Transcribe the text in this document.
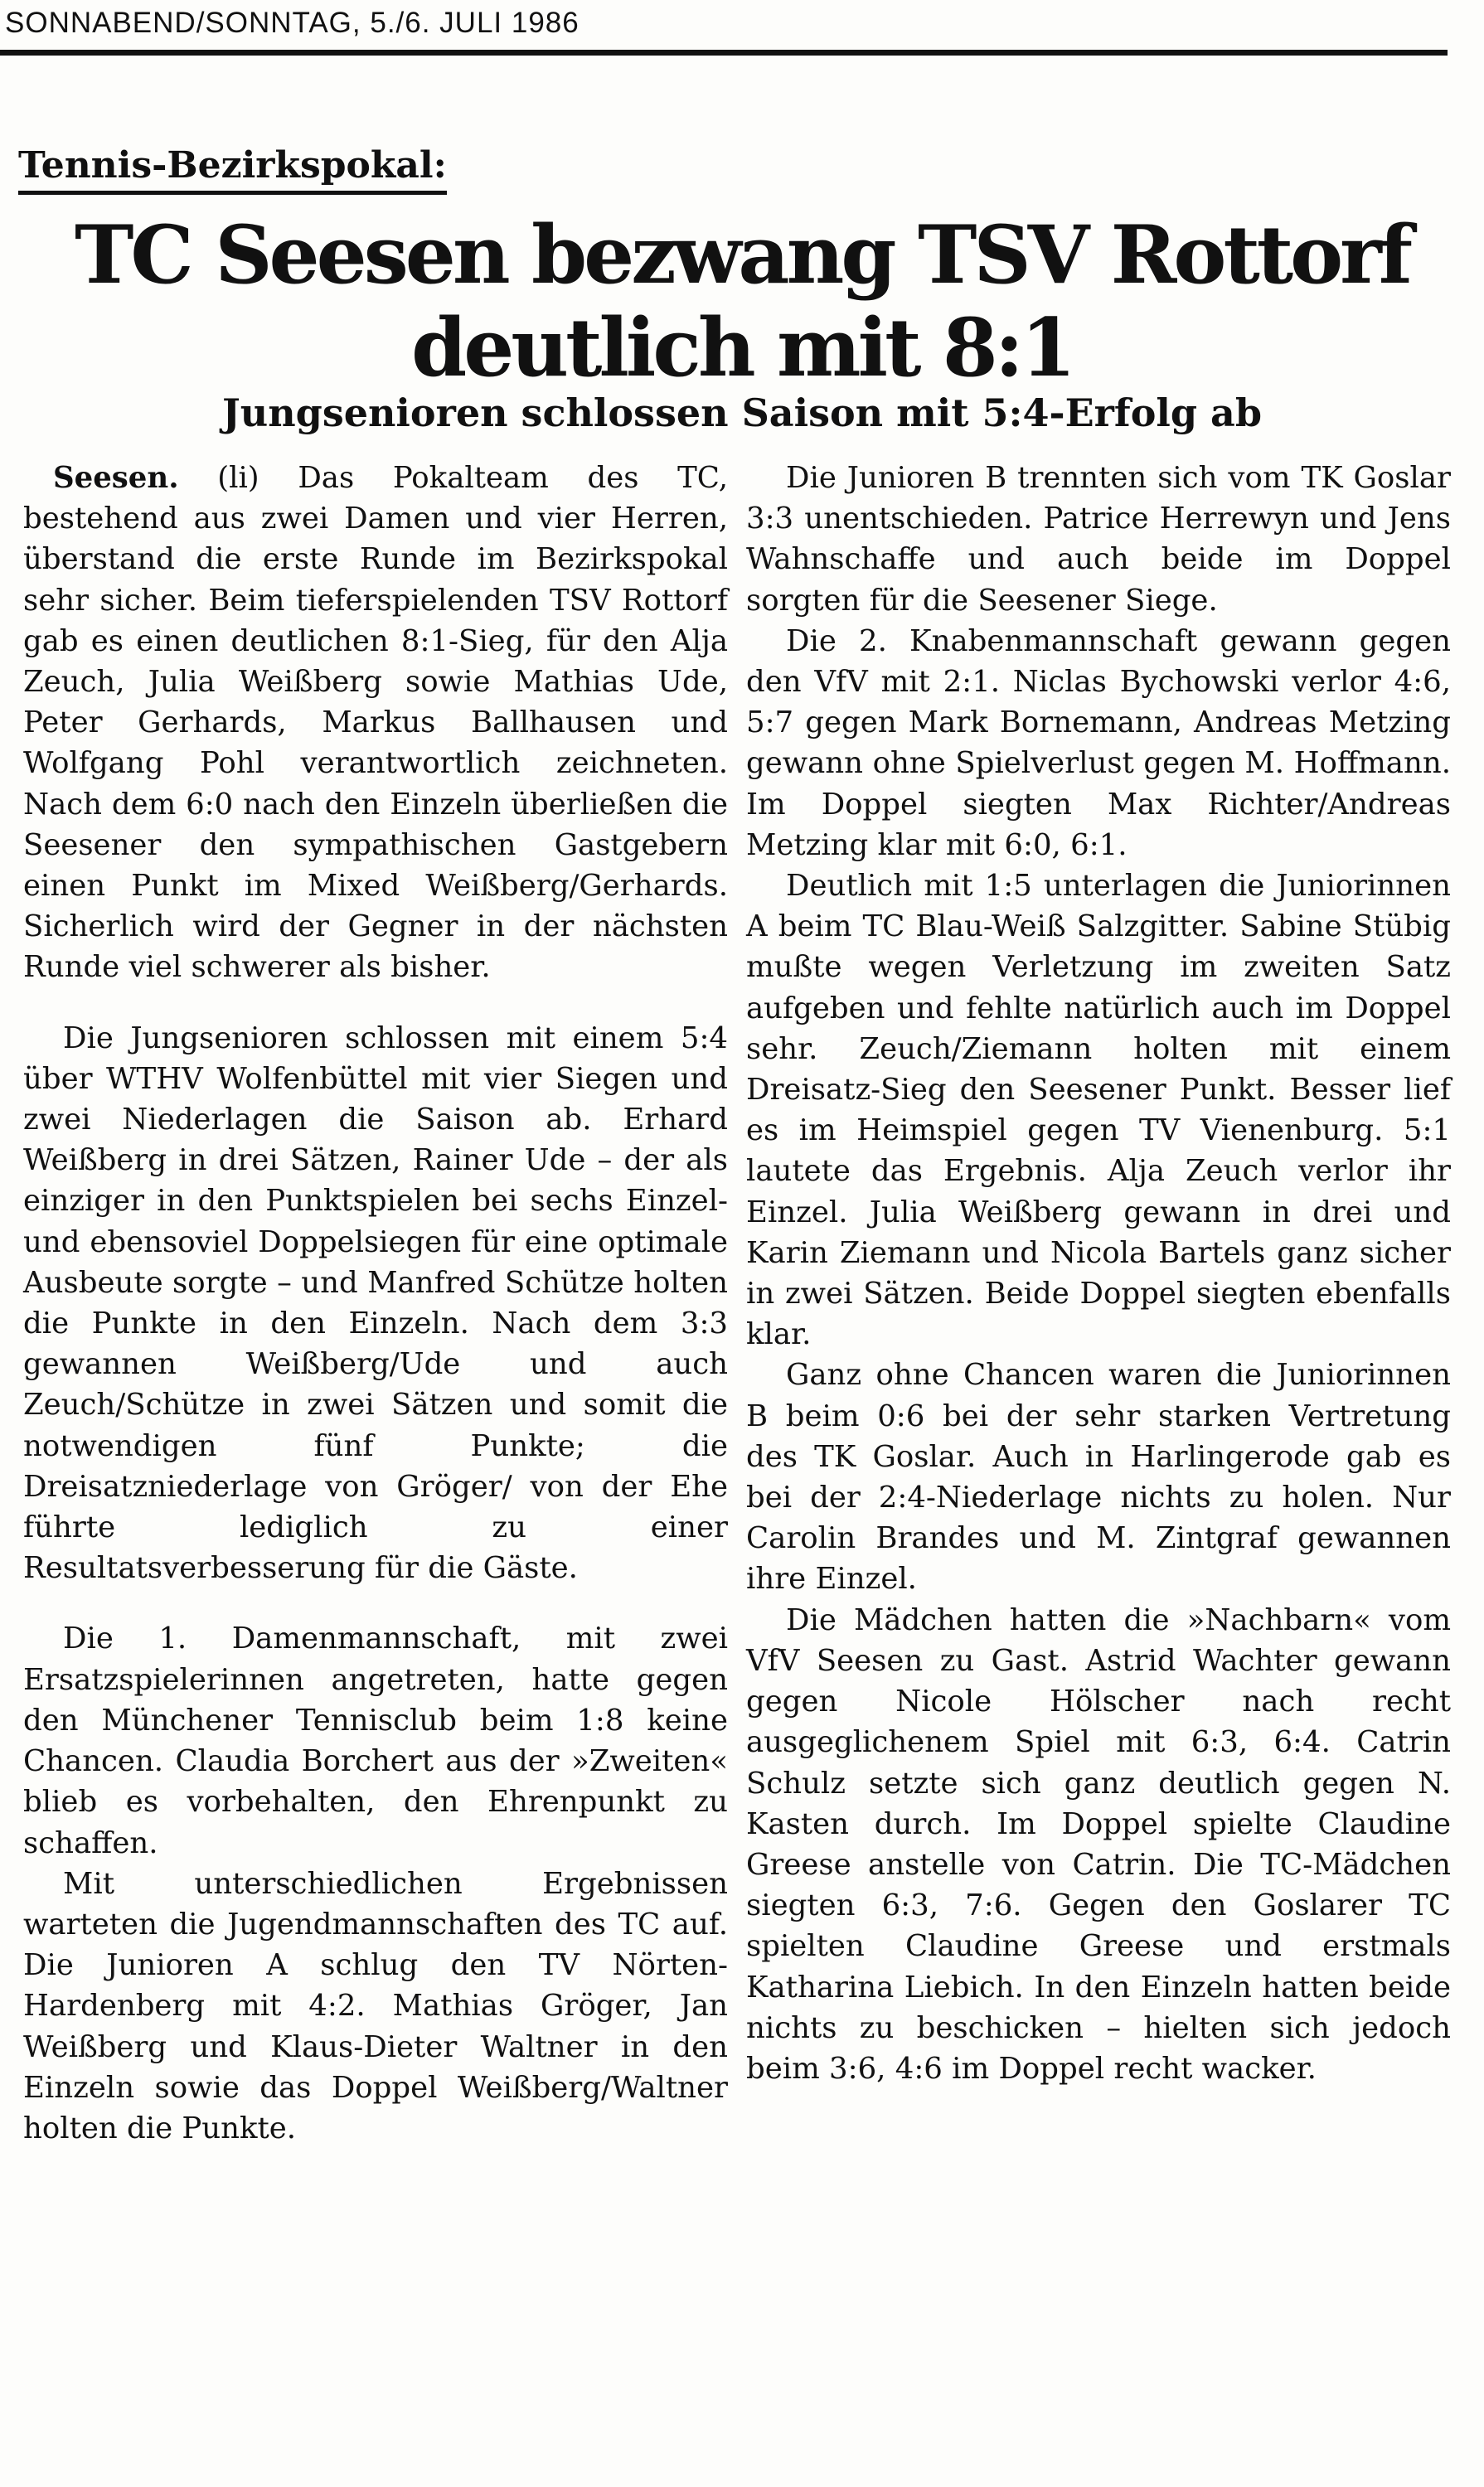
SONNABEND/SONNTAG, 5./6. JULI 1986
Tennis-Bezirkspokal:
TC Seesen bezwang TSV Rottorf
deutlich mit 8:1
Jungsenioren schlossen Saison mit 5:4-Erfolg ab

Seesen. (li) Das Pokalteam des TC, bestehend aus zwei Damen und vier Herren, überstand die erste Runde im Bezirkspokal sehr sicher. Beim tieferspielenden TSV Rottorf gab es einen deutlichen 8:1-Sieg, für den Alja Zeuch, Julia Weißberg sowie Mathias Ude, Peter Gerhards, Markus Ballhausen und Wolfgang Pohl verantwortlich zeichneten. Nach dem 6:0 nach den Einzeln überließen die Seesener den sympathischen Gastgebern einen Punkt im Mixed Weißberg/Gerhards. Sicherlich wird der Gegner in der nächsten Runde viel schwerer als bisher.

Die Jungsenioren schlossen mit einem 5:4 über WTHV Wolfenbüttel mit vier Siegen und zwei Niederlagen die Saison ab. Erhard Weißberg in drei Sätzen, Rainer Ude – der als einziger in den Punktspielen bei sechs Einzel- und ebensoviel Doppelsiegen für eine optimale Ausbeute sorgte – und Manfred Schütze holten die Punkte in den Einzeln. Nach dem 3:3 gewannen Weißberg/Ude und auch Zeuch/Schütze in zwei Sätzen und somit die notwendigen fünf Punkte; die Dreisatzniederlage von Gröger/ von der Ehe führte lediglich zu einer Resultatsverbesserung für die Gäste.

Die 1. Damenmannschaft, mit zwei Ersatzspielerinnen angetreten, hatte gegen den Münchener Tennisclub beim 1:8 keine Chancen. Claudia Borchert aus der »Zweiten« blieb es vorbehalten, den Ehrenpunkt zu schaffen.

Mit unterschiedlichen Ergebnissen warteten die Jugendmannschaften des TC auf. Die Junioren A schlug den TV Nörten-Hardenberg mit 4:2. Mathias Gröger, Jan Weißberg und Klaus-Dieter Waltner in den Einzeln sowie das Doppel Weißberg/Waltner holten die Punkte.

Die Junioren B trennten sich vom TK Goslar 3:3 unentschieden. Patrice Herrewyn und Jens Wahnschaffe und auch beide im Doppel sorgten für die Seesener Siege.

Die 2. Knabenmannschaft gewann gegen den VfV mit 2:1. Niclas Bychowski verlor 4:6, 5:7 gegen Mark Bornemann, Andreas Metzing gewann ohne Spielverlust gegen M. Hoffmann. Im Doppel siegten Max Richter/Andreas Metzing klar mit 6:0, 6:1.

Deutlich mit 1:5 unterlagen die Juniorinnen A beim TC Blau-Weiß Salzgitter. Sabine Stübig mußte wegen Verletzung im zweiten Satz aufgeben und fehlte natürlich auch im Doppel sehr. Zeuch/Ziemann holten mit einem Dreisatz-Sieg den Seesener Punkt. Besser lief es im Heimspiel gegen TV Vienenburg. 5:1 lautete das Ergebnis. Alja Zeuch verlor ihr Einzel. Julia Weißberg gewann in drei und Karin Ziemann und Nicola Bartels ganz sicher in zwei Sätzen. Beide Doppel siegten ebenfalls klar.

Ganz ohne Chancen waren die Juniorinnen B beim 0:6 bei der sehr starken Vertretung des TK Goslar. Auch in Harlingerode gab es bei der 2:4-Niederlage nichts zu holen. Nur Carolin Brandes und M. Zintgraf gewannen ihre Einzel.

Die Mädchen hatten die »Nachbarn« vom VfV Seesen zu Gast. Astrid Wachter gewann gegen Nicole Hölscher nach recht ausgeglichenem Spiel mit 6:3, 6:4. Catrin Schulz setzte sich ganz deutlich gegen N. Kasten durch. Im Doppel spielte Claudine Greese anstelle von Catrin. Die TC-Mädchen siegten 6:3, 7:6. Gegen den Goslarer TC spielten Claudine Greese und erstmals Katharina Liebich. In den Einzeln hatten beide nichts zu beschicken – hielten sich jedoch beim 3:6, 4:6 im Doppel recht wacker.
